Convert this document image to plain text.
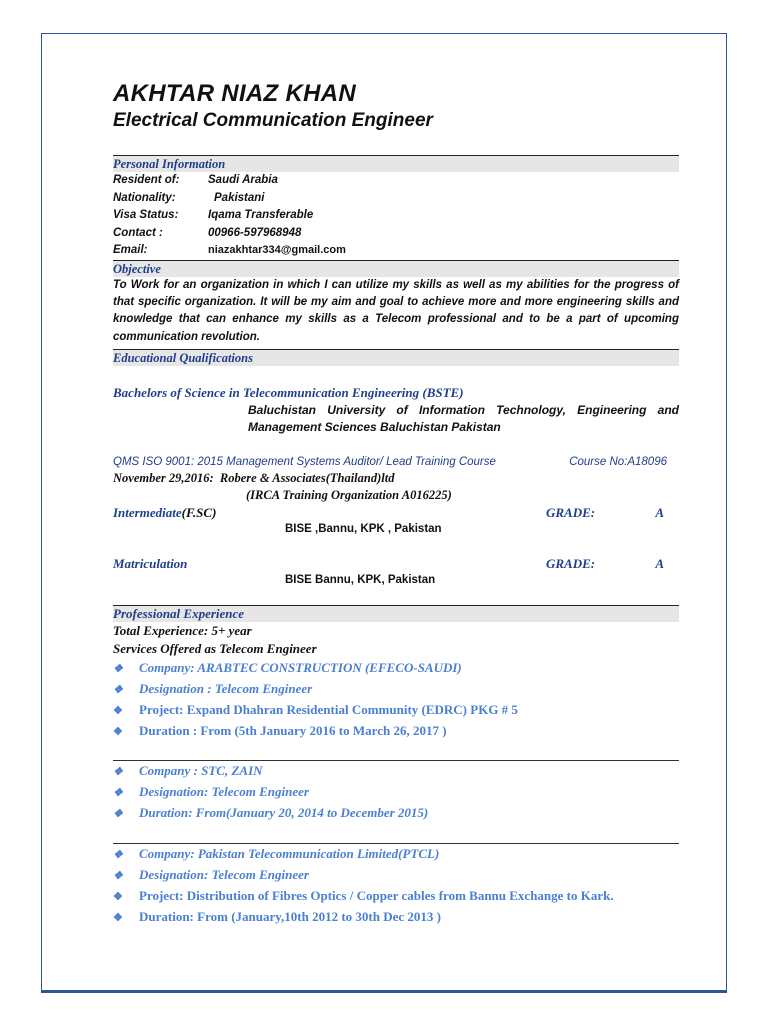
AKHTAR NIAZ KHAN
Electrical Communication Engineer
Personal Information
Resident of:	Saudi Arabia
Nationality:	Pakistani
Visa Status:	Iqama Transferable
Contact :	00966-597968948
Email:	niazakhtar334@gmail.com
Objective

To Work for an organization in which I can utilize my skills as well as my abilities for the progress of that specific organization. It will be my aim and goal to achieve more and more engineering skills and knowledge that can enhance my skills as a Telecom professional and to be a part of upcoming communication revolution.

Educational Qualifications
Bachelors of Science in Telecommunication Engineering (BSTE)
Baluchistan University of Information Technology, Engineering and Management Sciences Baluchistan Pakistan
QMS ISO 9001: 2015 Management Systems Auditor/ Lead Training Course	Course No:A18096
November 29,2016: Robere & Associates(Thailand)ltd
(IRCA Training Organization A016225)
Intermediate(F.SC)	GRADE:	A
BISE ,Bannu, KPK , Pakistan
Matriculation	GRADE:	A
BISE Bannu, KPK, Pakistan
Professional Experience
Total Experience: 5+ year
Services Offered as Telecom Engineer
❖	Company: ARABTEC CONSTRUCTION (EFECO-SAUDI)
❖	Designation : Telecom Engineer
❖	Project: Expand Dhahran Residential Community (EDRC) PKG # 5
❖	Duration : From (5th January 2016 to March 26, 2017 )
❖	Company : STC, ZAIN
❖	Designation: Telecom Engineer
❖	Duration: From(January 20, 2014 to December 2015)
❖	Company: Pakistan Telecommunication Limited(PTCL)
❖	Designation: Telecom Engineer
❖	Project: Distribution of Fibres Optics / Copper cables from Bannu Exchange to Kark.
❖	Duration: From (January,10th 2012 to 30th Dec 2013 )
